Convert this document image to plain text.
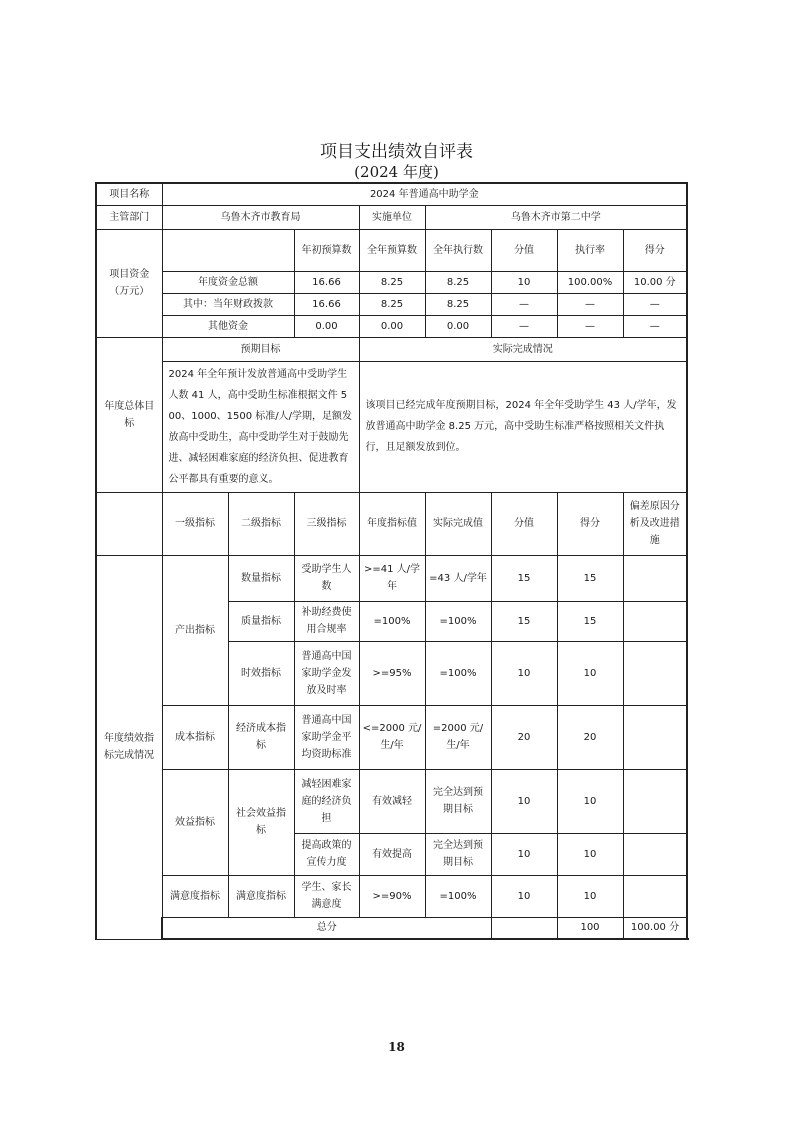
项目支出绩效自评表
(2024 年度)
项目名称	2024 年普通高中助学金								
主管部门	乌鲁木齐市教育局			实施单位	乌鲁木齐市第二中学				
项目资金（万元）			年初预算数	全年预算数	全年执行数	分值	执行率	得分	
	年度资金总额		16.66	8.25	8.25	10	100.00%	10.00 分	
	其中：当年财政拨款		16.66	8.25	8.25	—	—	—	
	其他资金		0.00	0.00	0.00	—	—	—	
年度总体目标	预期目标			实际完成情况					
	2024 年全年预计发放普通高中受助学生人数 41 人，高中受助生标准根据文件 500、1000、1500 标准/人/学期，足额发放高中受助生，高中受助学生对于鼓励先进、减轻困难家庭的经济负担、促进教育公平都具有重要的意义。			该项目已经完成年度预期目标，2024 年全年受助学生 43 人/学年，发放普通高中助学金 8.25 万元，高中受助生标准严格按照相关文件执行，且足额发放到位。					
	一级指标	二级指标	三级指标	年度指标值	实际完成值	分值	得分	偏差原因分析及改进措施	
年度绩效指标完成情况	产出指标	数量指标	受助学生人数	>=41 人/学年	=43 人/学年	15	15		
		质量指标	补助经费使用合规率	=100%	=100%	15	15		
		时效指标	普通高中国家助学金发放及时率	>=95%	=100%	10	10		
	成本指标	经济成本指标	普通高中国家助学金平均资助标准	<=2000 元/生/年	=2000 元/生/年	20	20		
	效益指标	社会效益指标	减轻困难家庭的经济负担	有效减轻	完全达到预期目标	10	10		
			提高政策的宣传力度	有效提高	完全达到预期目标	10	10		
	满意度指标	满意度指标	学生、家长满意度	>=90%	=100%	10	10		
	总分						100	100.00 分	
18
